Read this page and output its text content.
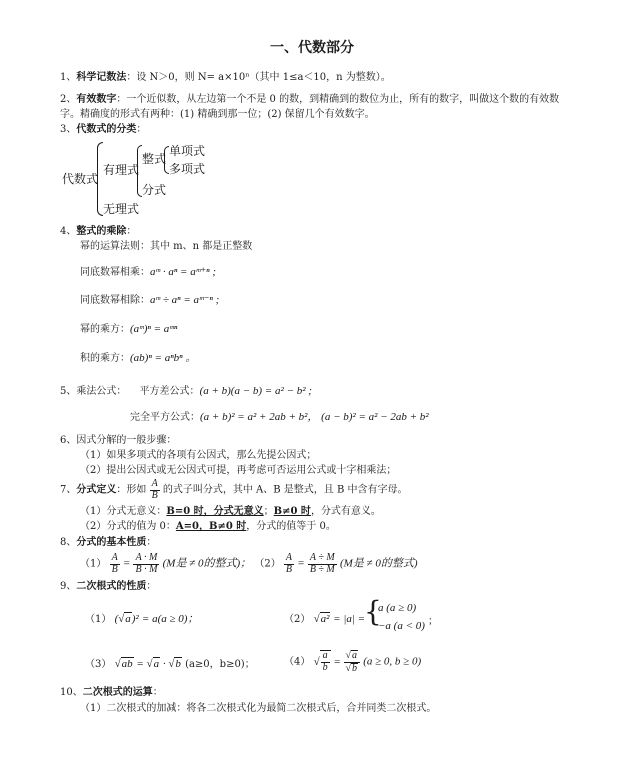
一、代数部分
1、科学记数法：设 N＞0，则 N= a×10ⁿ（其中 1≤a＜10，n 为整数）。
2、有效数字：一个近似数，从左边第一个不是 0 的数，到精确到的数位为止，所有的数字，叫做这个数的有效数
字。精确度的形式有两种：(1) 精确到那一位；(2) 保留几个有效数字。
3、代数式的分类：
代数式
有理式
无理式
整式
分式
单项式
多项式
4、整式的乘除：
幂的运算法则：其中 m、n 都是正整数
同底数幂相乘：aᵐ · aⁿ = aᵐ⁺ⁿ ;
同底数幂相除：aᵐ ÷ aⁿ = aᵐ⁻ⁿ ;
幂的乘方：(aᵐ)ⁿ = aᵐⁿ
积的乘方：(ab)ⁿ = aⁿbⁿ 。
5、乘法公式： 平方差公式：(a + b)(a − b) = a² − b² ;
完全平方公式：(a + b)² = a² + 2ab + b²， (a − b)² = a² − 2ab + b²
6、因式分解的一般步骤：
（1）如果多项式的各项有公因式，那么先提公因式；
（2）提出公因式或无公因式可提，再考虑可否运用公式或十字相乘法；
7、分式定义：形如 $\frac{A}{B}$ 的式子叫分式，其中 A、B 是整式，且 B 中含有字母。
（1）分式无意义：B=0 时，分式无意义；B≠0 时，分式有意义。
（2）分式的值为 0：A=0，B≠0 时，分式的值等于 0。
8、分式的基本性质：
$(1) \frac{A}{B} = \frac{A \cdot M}{B \cdot M} (M$是 ≠ 0的整式)； $(2) \frac{A}{B} = \frac{A \div M}{B \div M} (M$是 ≠ 0的整式)
9、二次根式的性质：
（1） (√a)² = a(a ≥ 0)；	（2） √a² = |a| =
{
a (a ≥ 0)
−a (a < 0) ；
（3） √ab = √a · √b (a≥0，b≥0)；	（4） √ $\frac{a}{b} = \frac{√a}{√b} (a \ge 0$, b ≥ 0)
10、二次根式的运算：
（1）二次根式的加减：将各二次根式化为最简二次根式后，合并同类二次根式。
